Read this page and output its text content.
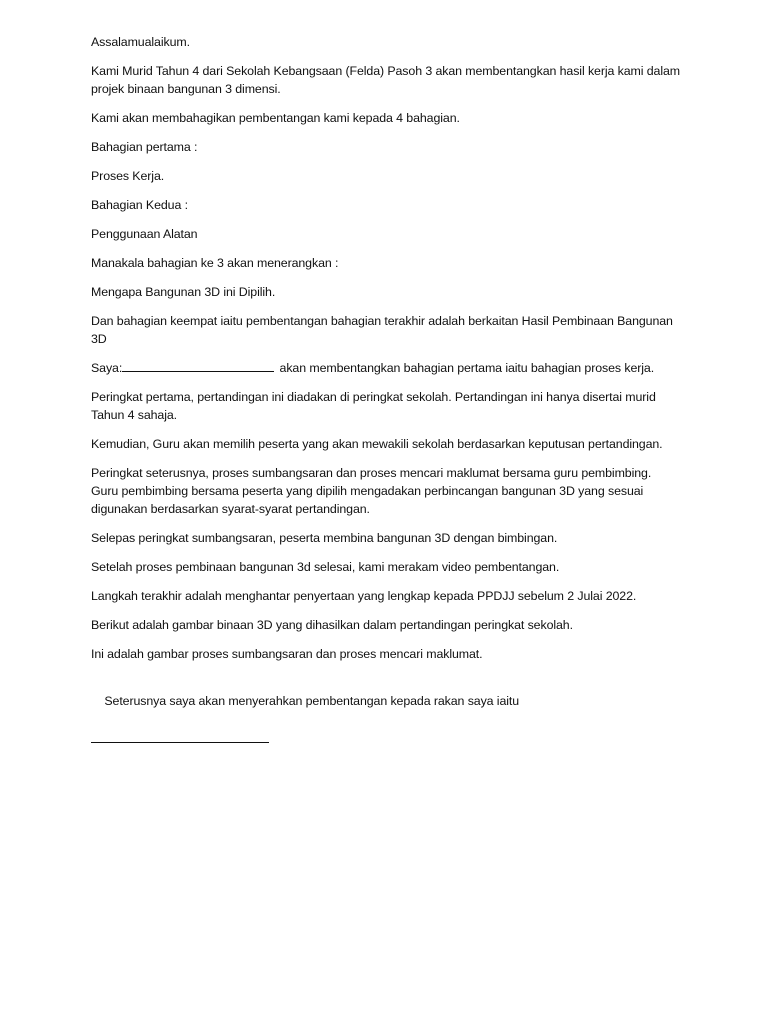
Assalamualaikum.

Kami Murid Tahun 4 dari Sekolah Kebangsaan (Felda) Pasoh 3 akan membentangkan hasil kerja kami dalam projek binaan bangunan 3 dimensi.

Kami akan membahagikan pembentangan kami kepada 4 bahagian.

Bahagian pertama :

Proses Kerja.

Bahagian Kedua :

Penggunaan Alatan

Manakala bahagian ke 3 akan menerangkan :

Mengapa Bangunan 3D ini Dipilih.

Dan bahagian keempat iaitu pembentangan bahagian terakhir adalah berkaitan Hasil Pembinaan Bangunan 3D

Saya:	akan membentangkan bahagian pertama iaitu bahagian proses kerja.

Peringkat pertama, pertandingan ini diadakan di peringkat sekolah. Pertandingan ini hanya disertai murid Tahun 4 sahaja.

Kemudian, Guru akan memilih peserta yang akan mewakili sekolah berdasarkan keputusan pertandingan.

Peringkat seterusnya, proses sumbangsaran dan proses mencari maklumat bersama guru pembimbing. Guru pembimbing bersama peserta yang dipilih mengadakan perbincangan bangunan 3D yang sesuai digunakan berdasarkan syarat-syarat pertandingan.

Selepas peringkat sumbangsaran, peserta membina bangunan 3D dengan bimbingan.

Setelah proses pembinaan bangunan 3d selesai, kami merakam video pembentangan.

Langkah terakhir adalah menghantar penyertaan yang lengkap kepada PPDJJ sebelum 2 Julai 2022.

Berikut adalah gambar binaan 3D yang dihasilkan dalam pertandingan peringkat sekolah.

Ini adalah gambar proses sumbangsaran dan proses mencari maklumat.

Seterusnya saya akan menyerahkan pembentangan kepada rakan saya iaitu
